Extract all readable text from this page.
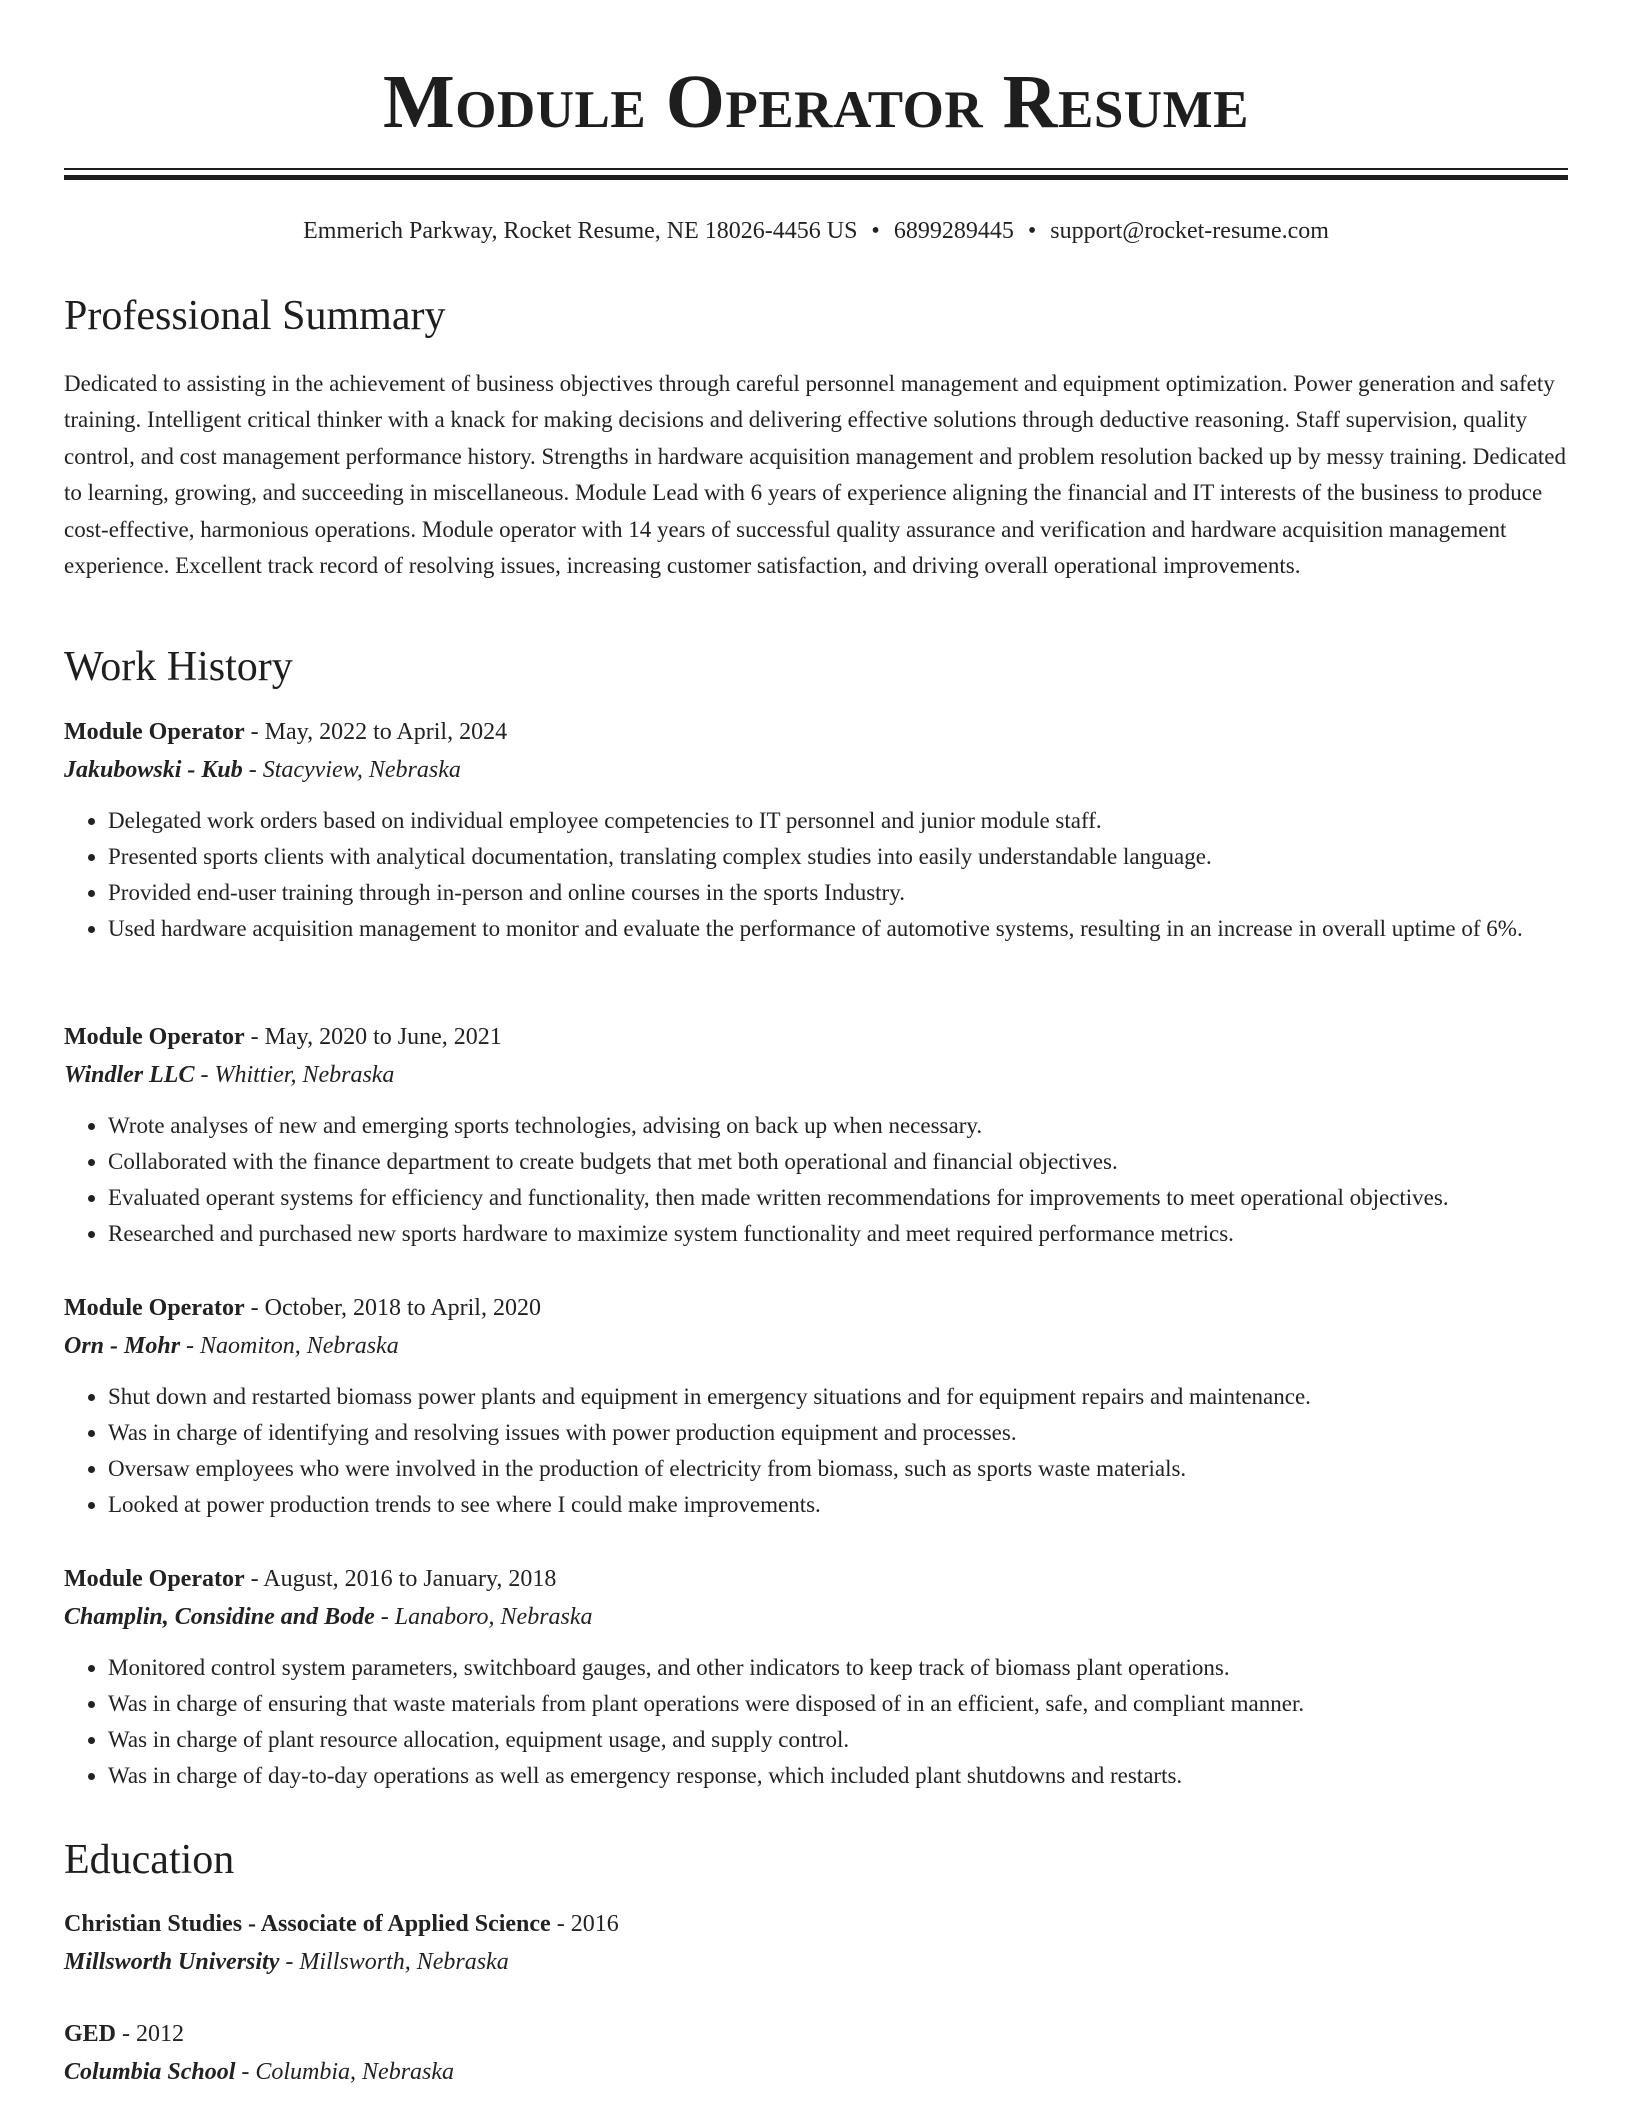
Module Operator Resume
Emmerich Parkway, Rocket Resume, NE 18026-4456 US • 6899289445 • support@rocket-resume.com
Professional Summary

Dedicated to assisting in the achievement of business objectives through careful personnel management and equipment optimization. Power generation and safety training. Intelligent critical thinker with a knack for making decisions and delivering effective solutions through deductive reasoning. Staff supervision, quality control, and cost management performance history. Strengths in hardware acquisition management and problem resolution backed up by messy training. Dedicated to learning, growing, and succeeding in miscellaneous. Module Lead with 6 years of experience aligning the financial and IT interests of the business to produce cost-effective, harmonious operations. Module operator with 14 years of successful quality assurance and verification and hardware acquisition management experience. Excellent track record of resolving issues, increasing customer satisfaction, and driving overall operational improvements.

Work History
Module Operator - May, 2022 to April, 2024
Jakubowski - Kub - Stacyview, Nebraska
• Delegated work orders based on individual employee competencies to IT personnel and junior module staff.
• Presented sports clients with analytical documentation, translating complex studies into easily understandable language.
• Provided end-user training through in-person and online courses in the sports Industry.
• Used hardware acquisition management to monitor and evaluate the performance of automotive systems, resulting in an increase in overall uptime of 6%.
Module Operator - May, 2020 to June, 2021
Windler LLC - Whittier, Nebraska
• Wrote analyses of new and emerging sports technologies, advising on back up when necessary.
• Collaborated with the finance department to create budgets that met both operational and financial objectives.
• Evaluated operant systems for efficiency and functionality, then made written recommendations for improvements to meet operational objectives.
• Researched and purchased new sports hardware to maximize system functionality and meet required performance metrics.
Module Operator - October, 2018 to April, 2020
Orn - Mohr - Naomiton, Nebraska
• Shut down and restarted biomass power plants and equipment in emergency situations and for equipment repairs and maintenance.
• Was in charge of identifying and resolving issues with power production equipment and processes.
• Oversaw employees who were involved in the production of electricity from biomass, such as sports waste materials.
• Looked at power production trends to see where I could make improvements.
Module Operator - August, 2016 to January, 2018
Champlin, Considine and Bode - Lanaboro, Nebraska
• Monitored control system parameters, switchboard gauges, and other indicators to keep track of biomass plant operations.
• Was in charge of ensuring that waste materials from plant operations were disposed of in an efficient, safe, and compliant manner.
• Was in charge of plant resource allocation, equipment usage, and supply control.
• Was in charge of day-to-day operations as well as emergency response, which included plant shutdowns and restarts.
Education
Christian Studies - Associate of Applied Science - 2016
Millsworth University - Millsworth, Nebraska
GED - 2012
Columbia School - Columbia, Nebraska
